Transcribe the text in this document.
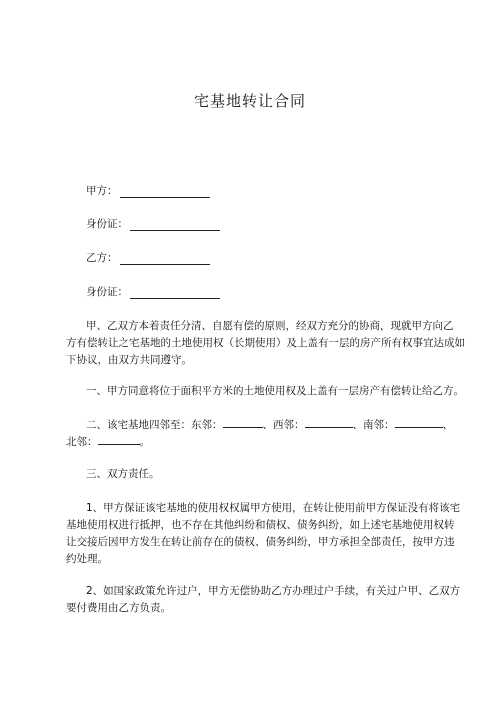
宅基地转让合同
甲方：
身份证：
乙方：
身份证：
甲、乙双方本着责任分清、自愿有偿的原则，经双方充分的协商，现就甲方向乙
方有偿转让之宅基地的土地使用权（长期使用）及上盖有一层的房产所有权事宜达成如
下协议，由双方共同遵守。
一、甲方同意将位于面积平方米的土地使用权及上盖有一层房产有偿转让给乙方。
二、该宅基地四邻至：东邻：	、西邻：	、南邻：	、
北邻：	。
三、双方责任。
1、甲方保证该宅基地的使用权权属甲方使用，在转让使用前甲方保证没有将该宅
基地使用权进行抵押，也不存在其他纠纷和债权、债务纠纷，如上述宅基地使用权转
让交接后因甲方发生在转让前存在的债权、债务纠纷，甲方承担全部责任，按甲方违
约处理。
2、如国家政策允许过户，甲方无偿协助乙方办理过户手续，有关过户甲、乙双方
要付费用由乙方负责。
